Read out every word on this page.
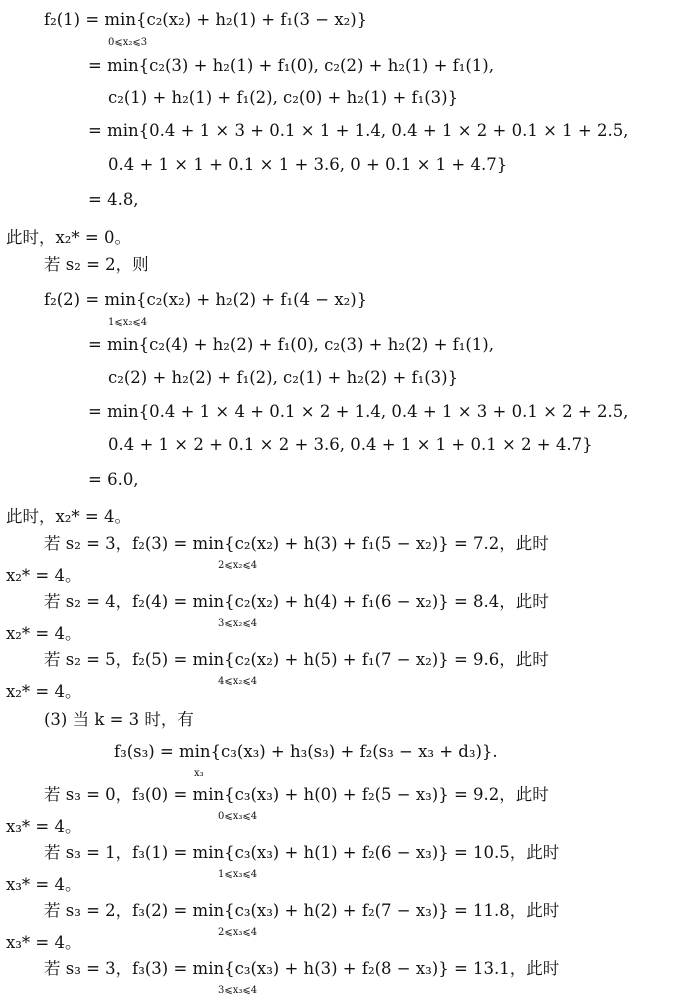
f₂(1) = min{c₂(x₂) + h₂(1) + f₁(3 − x₂)}
0⩽x₂⩽3
= min{c₂(3) + h₂(1) + f₁(0), c₂(2) + h₂(1) + f₁(1),
c₂(1) + h₂(1) + f₁(2), c₂(0) + h₂(1) + f₁(3)}
= min{0.4 + 1 × 3 + 0.1 × 1 + 1.4, 0.4 + 1 × 2 + 0.1 × 1 + 2.5,
0.4 + 1 × 1 + 0.1 × 1 + 3.6, 0 + 0.1 × 1 + 4.7}
= 4.8,
此时，x₂* = 0。
若 s₂ = 2，则
f₂(2) = min{c₂(x₂) + h₂(2) + f₁(4 − x₂)}
1⩽x₂⩽4
= min{c₂(4) + h₂(2) + f₁(0), c₂(3) + h₂(2) + f₁(1),
c₂(2) + h₂(2) + f₁(2), c₂(1) + h₂(2) + f₁(3)}
= min{0.4 + 1 × 4 + 0.1 × 2 + 1.4, 0.4 + 1 × 3 + 0.1 × 2 + 2.5,
0.4 + 1 × 2 + 0.1 × 2 + 3.6, 0.4 + 1 × 1 + 0.1 × 2 + 4.7}
= 6.0,
此时，x₂* = 4。
若 s₂ = 3，f₂(3) = min{c₂(x₂) + h(3) + f₁(5 − x₂)} = 7.2，此时
2⩽x₂⩽4
x₂* = 4。
若 s₂ = 4，f₂(4) = min{c₂(x₂) + h(4) + f₁(6 − x₂)} = 8.4，此时
3⩽x₂⩽4
x₂* = 4。
若 s₂ = 5，f₂(5) = min{c₂(x₂) + h(5) + f₁(7 − x₂)} = 9.6，此时
4⩽x₂⩽4
x₂* = 4。
(3) 当 k = 3 时，有
f₃(s₃) = min{c₃(x₃) + h₃(s₃) + f₂(s₃ − x₃ + d₃)}.
x₃
若 s₃ = 0，f₃(0) = min{c₃(x₃) + h(0) + f₂(5 − x₃)} = 9.2，此时
0⩽x₃⩽4
x₃* = 4。
若 s₃ = 1，f₃(1) = min{c₃(x₃) + h(1) + f₂(6 − x₃)} = 10.5，此时
1⩽x₃⩽4
x₃* = 4。
若 s₃ = 2，f₃(2) = min{c₃(x₃) + h(2) + f₂(7 − x₃)} = 11.8，此时
2⩽x₃⩽4
x₃* = 4。
若 s₃ = 3，f₃(3) = min{c₃(x₃) + h(3) + f₂(8 − x₃)} = 13.1，此时
3⩽x₃⩽4
